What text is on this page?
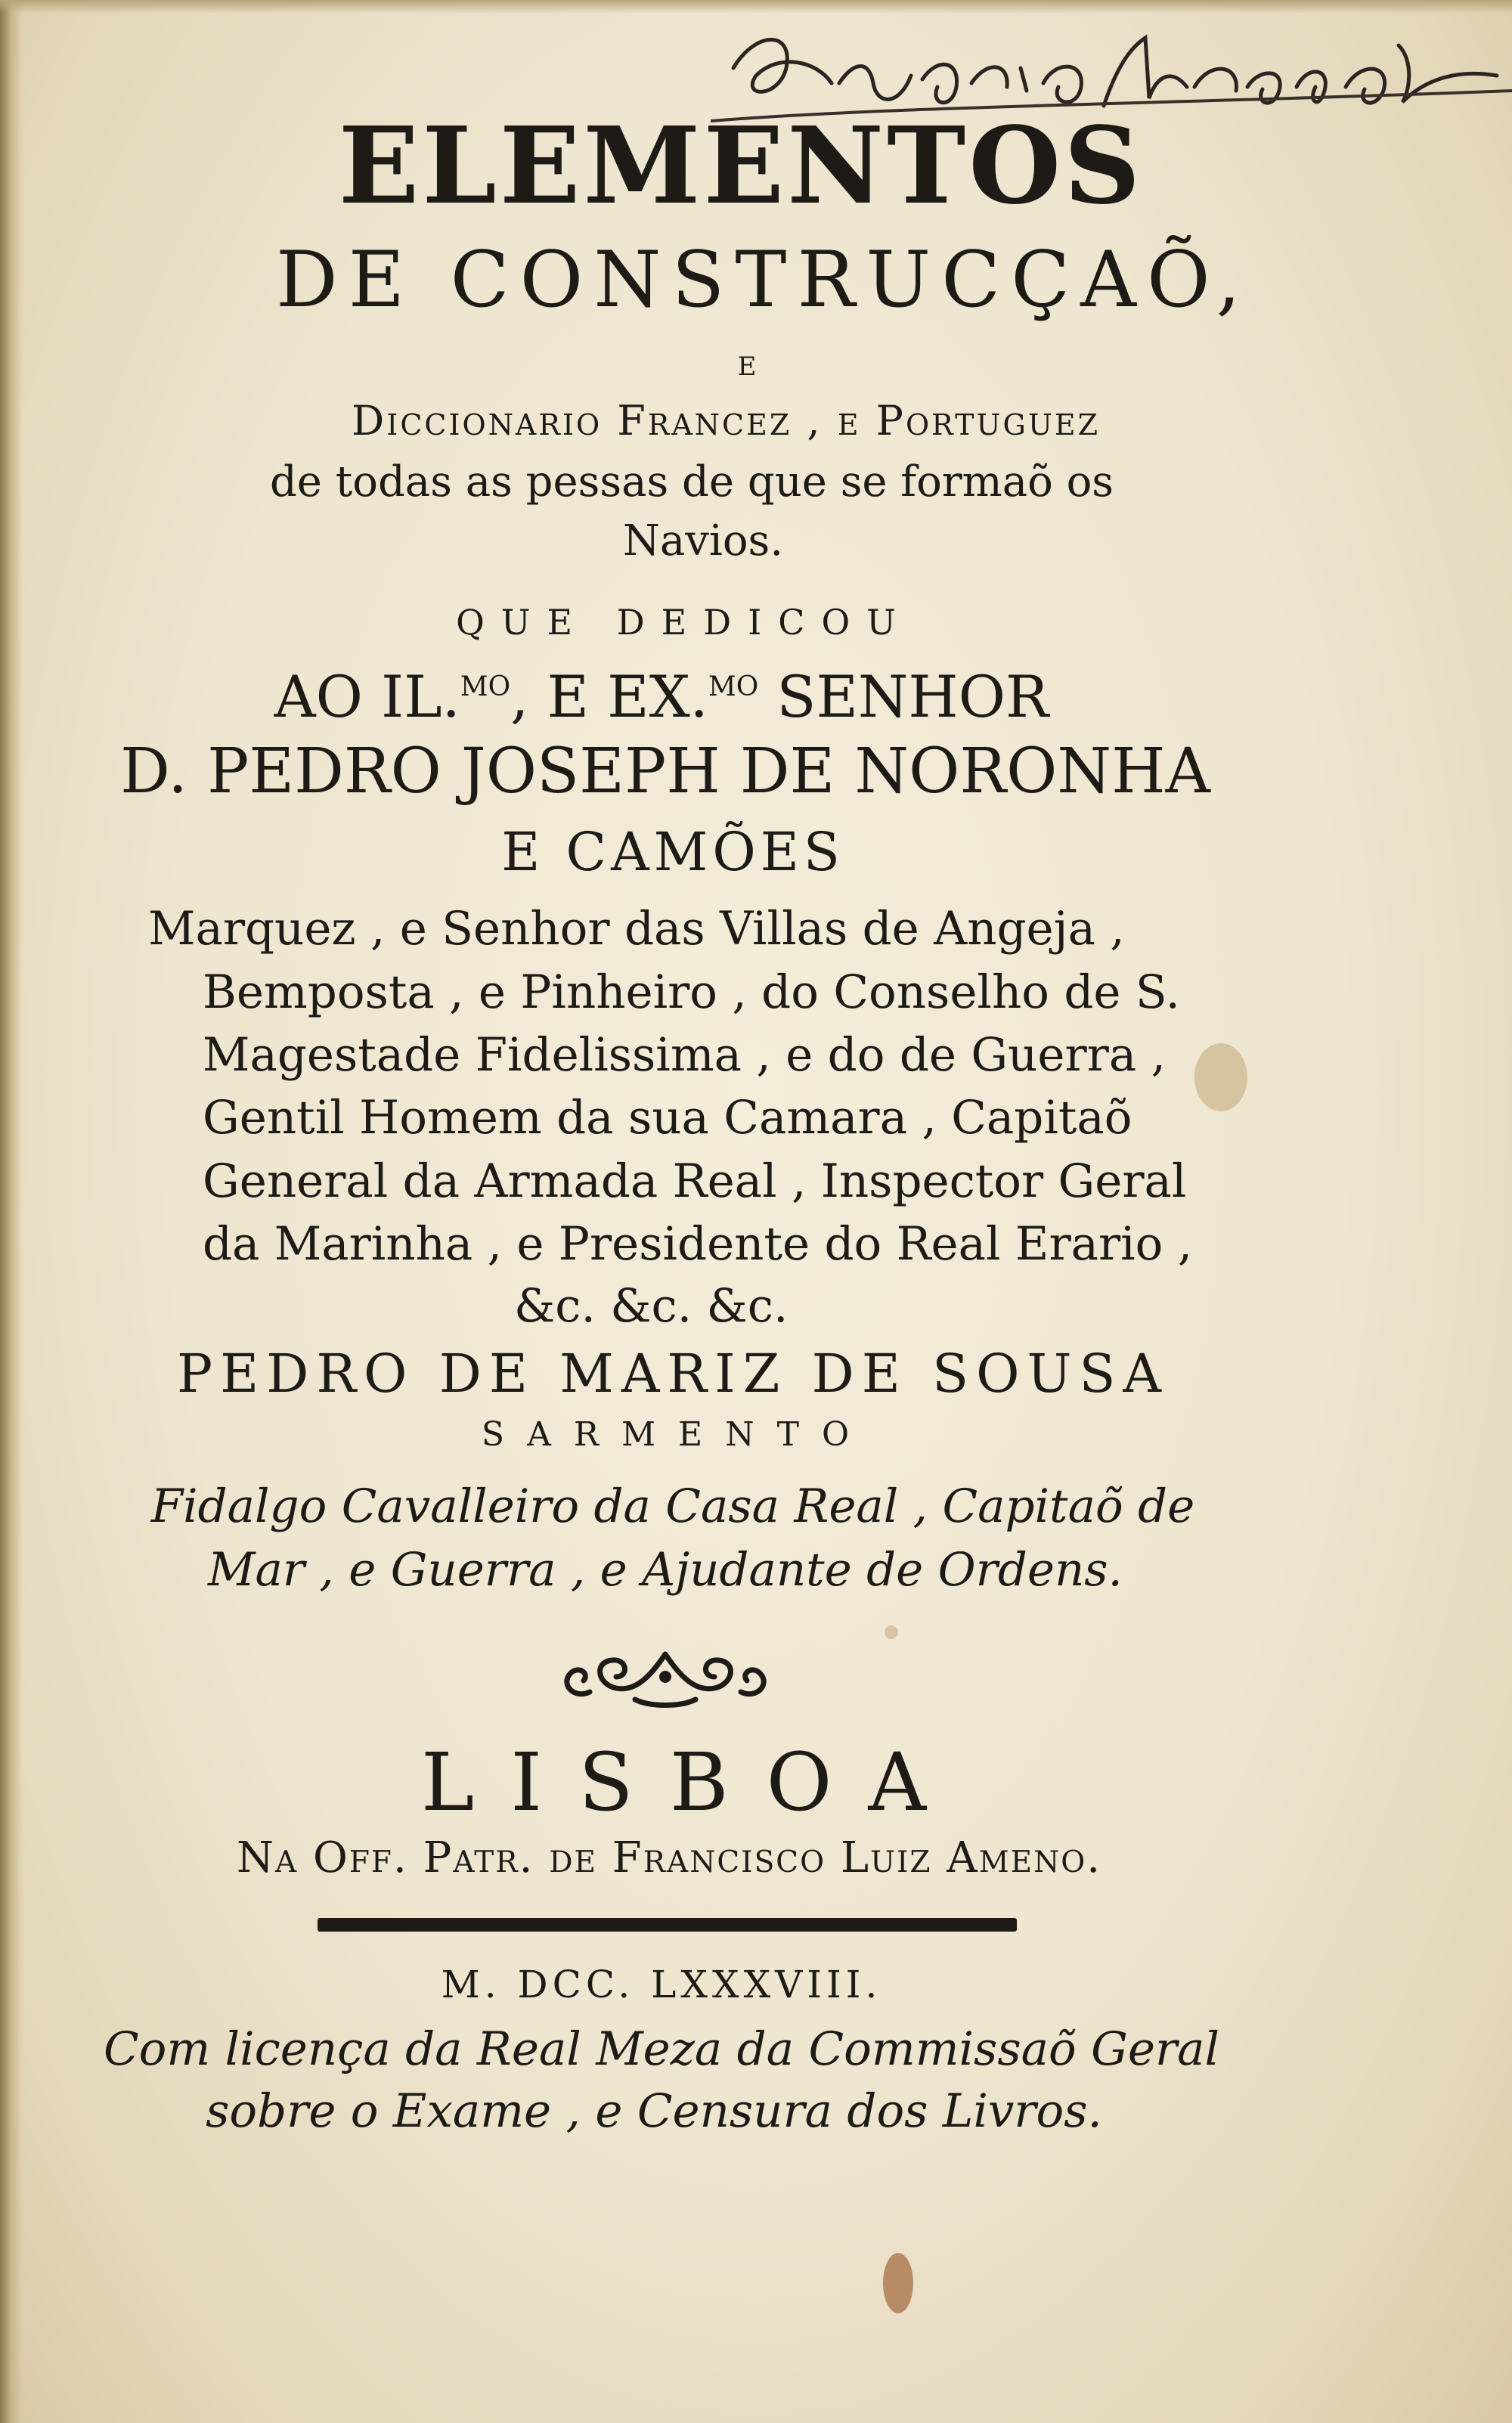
ELEMENTOS
DE CONSTRUCÇAÕ,
E
Diccionario Francez , e Portuguez
de todas as pessas de que se formaõ os
Navios.
QUE DEDICOU
AO IL.$^{MO}$, E EX.$^{MO}$ SENHOR
D. PEDRO JOSEPH DE NORONHA
E CAMÕES
Marquez , e Senhor das Villas de Angeja ,
Bemposta , e Pinheiro , do Conselho de S.
Magestade Fidelissima , e do de Guerra ,
Gentil Homem da sua Camara , Capitaõ
General da Armada Real , Inspector Geral
da Marinha , e Presidente do Real Erario ,
&c. &c. &c.
PEDRO DE MARIZ DE SOUSA
SARMENTO
Fidalgo Cavalleiro da Casa Real , Capitaõ de
Mar , e Guerra , e Ajudante de Ordens.
LISBOA
Na Off. Patr. de Francisco Luiz Ameno.
M. DCC. LXXXVIII.
Com licença da Real Meza da Commissaõ Geral
sobre o Exame , e Censura dos Livros.
